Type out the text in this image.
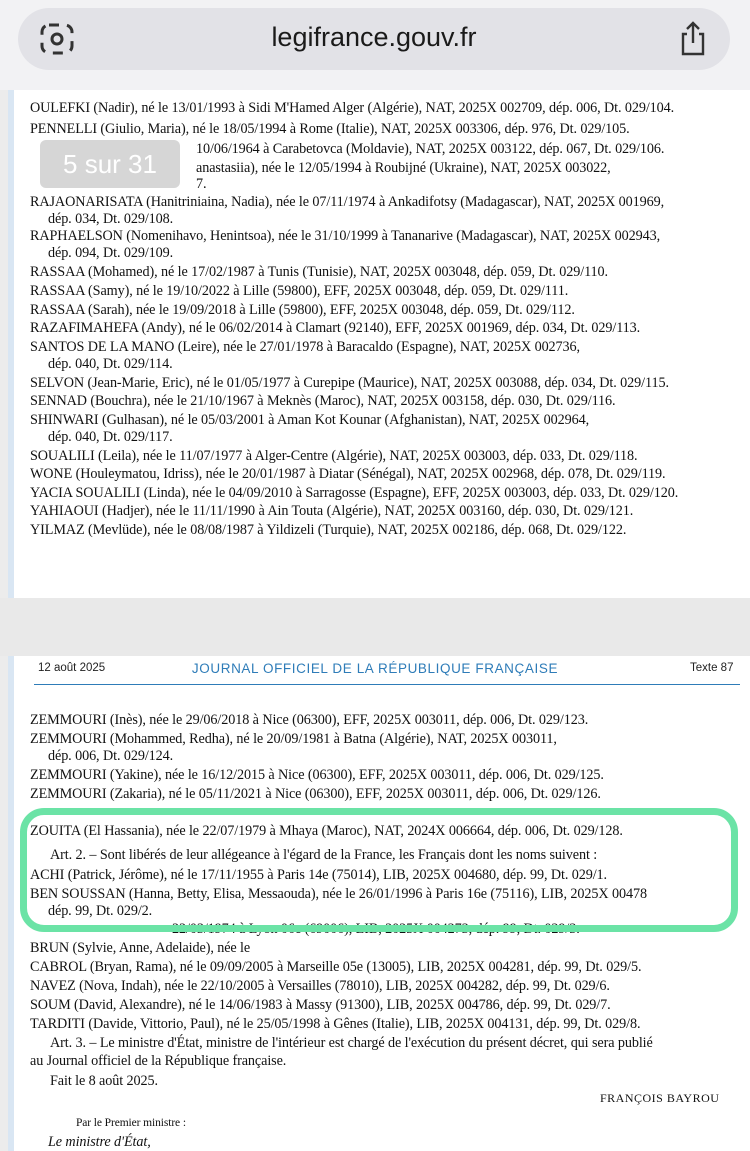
legifrance.gouv.fr
OULEFKI (Nadir), né le 13/01/1993 à Sidi M'Hamed Alger (Algérie), NAT, 2025X 002709, dép. 006, Dt. 029/104.
PENNELLI (Giulio, Maria), né le 18/05/1994 à Rome (Italie), NAT, 2025X 003306, dép. 976, Dt. 029/105.
10/06/1964 à Carabetovca (Moldavie), NAT, 2025X 003122, dép. 067, Dt. 029/106.
anastasiia), née le 12/05/1994 à Roubijné (Ukraine), NAT, 2025X 003022,
7.
RAJAONARISATA (Hanitriniaina, Nadia), née le 07/11/1974 à Ankadifotsy (Madagascar), NAT, 2025X 001969,
dép. 034, Dt. 029/108.
RAPHAELSON (Nomenihavo, Henintsoa), née le 31/10/1999 à Tananarive (Madagascar), NAT, 2025X 002943,
dép. 094, Dt. 029/109.
RASSAA (Mohamed), né le 17/02/1987 à Tunis (Tunisie), NAT, 2025X 003048, dép. 059, Dt. 029/110.
RASSAA (Samy), né le 19/10/2022 à Lille (59800), EFF, 2025X 003048, dép. 059, Dt. 029/111.
RASSAA (Sarah), née le 19/09/2018 à Lille (59800), EFF, 2025X 003048, dép. 059, Dt. 029/112.
RAZAFIMAHEFA (Andy), né le 06/02/2014 à Clamart (92140), EFF, 2025X 001969, dép. 034, Dt. 029/113.
SANTOS DE LA MANO (Leire), née le 27/01/1978 à Baracaldo (Espagne), NAT, 2025X 002736,
dép. 040, Dt. 029/114.
SELVON (Jean-Marie, Eric), né le 01/05/1977 à Curepipe (Maurice), NAT, 2025X 003088, dép. 034, Dt. 029/115.
SENNAD (Bouchra), née le 21/10/1967 à Meknès (Maroc), NAT, 2025X 003158, dép. 030, Dt. 029/116.
SHINWARI (Gulhasan), né le 05/03/2001 à Aman Kot Kounar (Afghanistan), NAT, 2025X 002964,
dép. 040, Dt. 029/117.
SOUALILI (Leila), née le 11/07/1977 à Alger-Centre (Algérie), NAT, 2025X 003003, dép. 033, Dt. 029/118.
WONE (Houleymatou, Idriss), née le 20/01/1987 à Diatar (Sénégal), NAT, 2025X 002968, dép. 078, Dt. 029/119.
YACIA SOUALILI (Linda), née le 04/09/2010 à Sarragosse (Espagne), EFF, 2025X 003003, dép. 033, Dt. 029/120.
YAHIAOUI (Hadjer), née le 11/11/1990 à Ain Touta (Algérie), NAT, 2025X 003160, dép. 030, Dt. 029/121.
YILMAZ (Mevlüde), née le 08/08/1987 à Yildizeli (Turquie), NAT, 2025X 002186, dép. 068, Dt. 029/122.
5 sur 31
12 août 2025	JOURNAL OFFICIEL DE LA RÉPUBLIQUE FRANÇAISE	Texte 87
ZEMMOURI (Inès), née le 29/06/2018 à Nice (06300), EFF, 2025X 003011, dép. 006, Dt. 029/123.
ZEMMOURI (Mohammed, Redha), né le 20/09/1981 à Batna (Algérie), NAT, 2025X 003011,
dép. 006, Dt. 029/124.
ZEMMOURI (Yakine), née le 16/12/2015 à Nice (06300), EFF, 2025X 003011, dép. 006, Dt. 029/125.
ZEMMOURI (Zakaria), né le 05/11/2021 à Nice (06300), EFF, 2025X 003011, dép. 006, Dt. 029/126.
ZOUITA (El Hassania), née le 22/07/1979 à Mhaya (Maroc), NAT, 2024X 006664, dép. 006, Dt. 029/128.
Art. 2. – Sont libérés de leur allégeance à l'égard de la France, les Français dont les noms suivent :
ACHI (Patrick, Jérôme), né le 17/11/1955 à Paris 14e (75014), LIB, 2025X 004680, dép. 99, Dt. 029/1.
BEN SOUSSAN (Hanna, Betty, Elisa, Messaouda), née le 26/01/1996 à Paris 16e (75116), LIB, 2025X 00478
dép. 99, Dt. 029/2.
22/03/1974 à Lyon 06e (69006), LIB, 2025X 004273, dép. 99, Dt. 029/3.
BRUN (Sylvie, Anne, Adelaide), née le
CABROL (Bryan, Rama), né le 09/09/2005 à Marseille 05e (13005), LIB, 2025X 004281, dép. 99, Dt. 029/5.
NAVEZ (Nova, Indah), née le 22/10/2005 à Versailles (78010), LIB, 2025X 004282, dép. 99, Dt. 029/6.
SOUM (David, Alexandre), né le 14/06/1983 à Massy (91300), LIB, 2025X 004786, dép. 99, Dt. 029/7.
TARDITI (Davide, Vittorio, Paul), né le 25/05/1998 à Gênes (Italie), LIB, 2025X 004131, dép. 99, Dt. 029/8.
Art. 3. – Le ministre d'État, ministre de l'intérieur est chargé de l'exécution du présent décret, qui sera publié
au Journal officiel de la République française.
Fait le 8 août 2025.
Par le Premier ministre :
Le ministre d'État,
FRANÇOIS BAYROU
